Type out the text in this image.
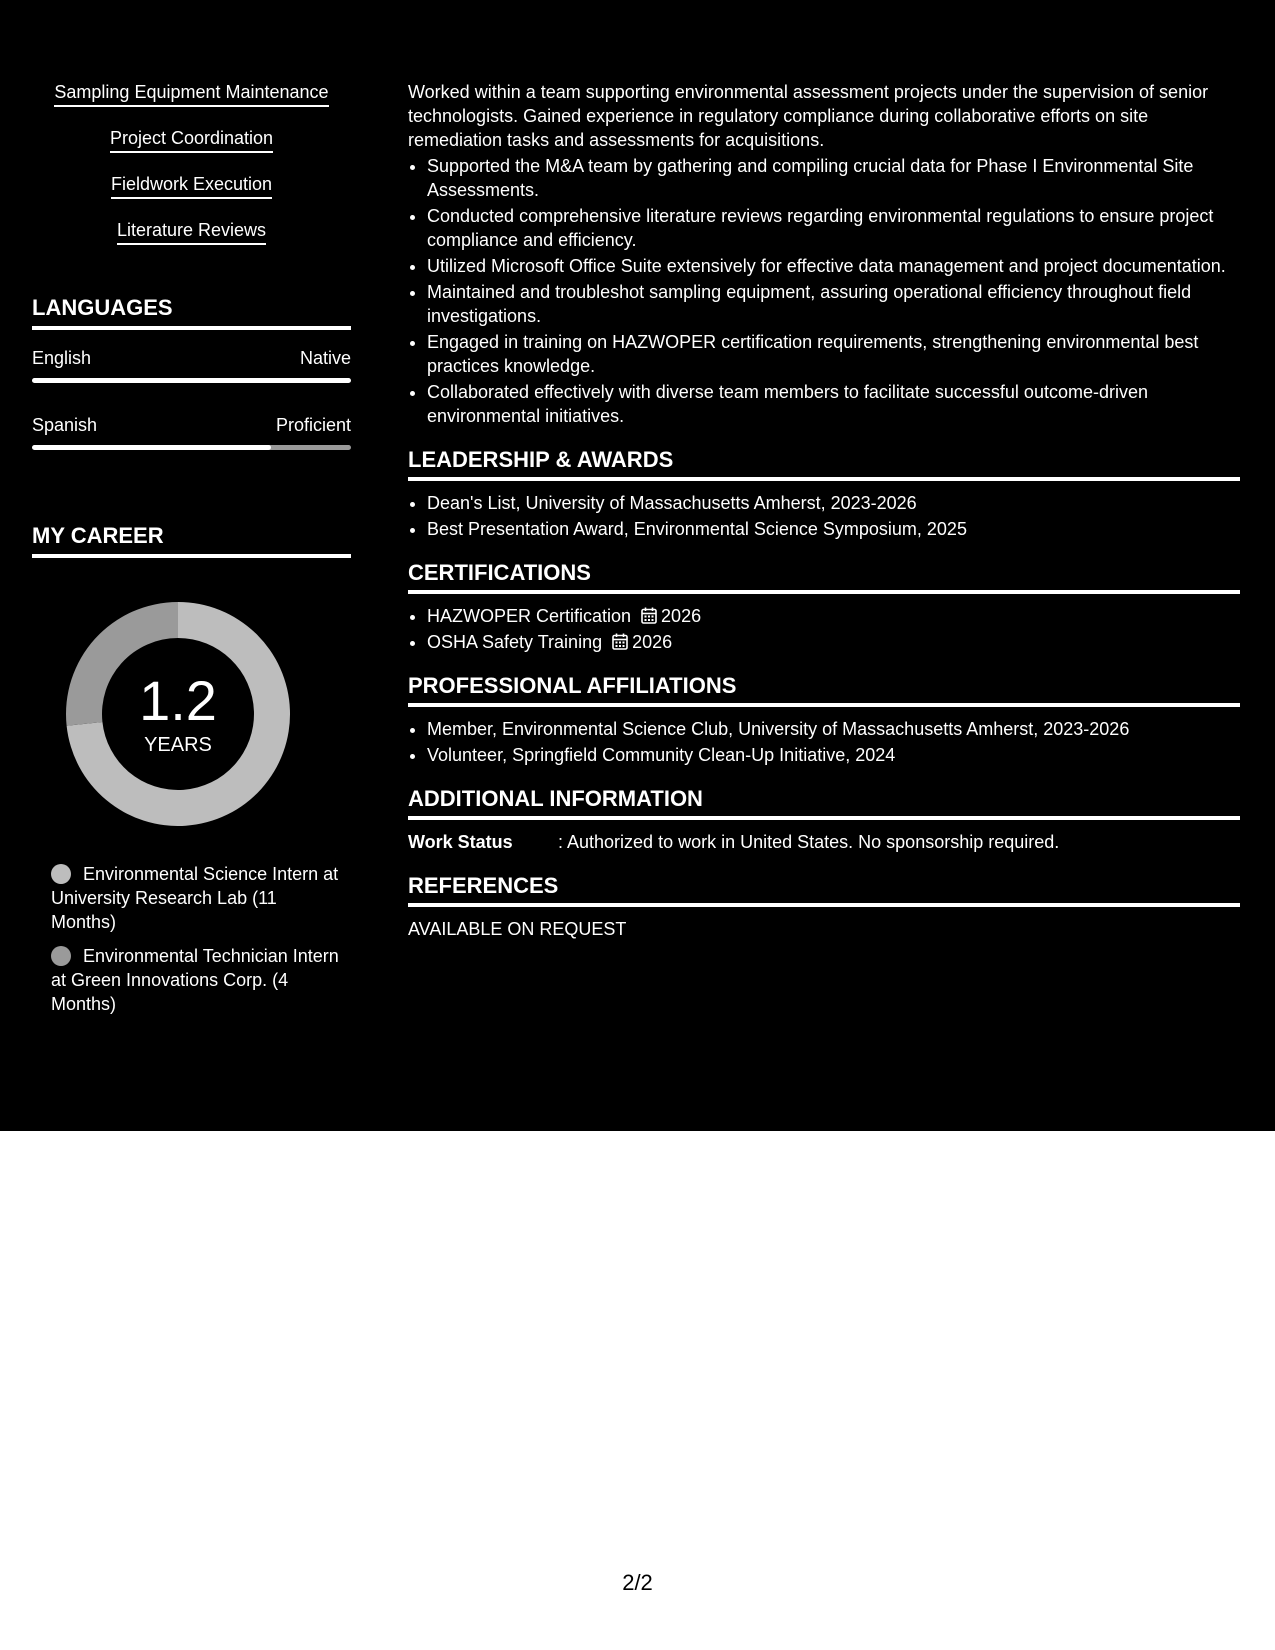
Sampling Equipment Maintenance
Project Coordination
Fieldwork Execution
Literature Reviews
LANGUAGES
English	Native
Spanish	Proficient
MY CAREER
1.2
YEARS
Environmental Science Intern at University Research Lab (11 Months)
Environmental Technician Intern at Green Innovations Corp. (4 Months)

Worked within a team supporting environmental assessment projects under the supervision of senior technologists. Gained experience in regulatory compliance during collaborative efforts on site remediation tasks and assessments for acquisitions.

• Supported the M&A team by gathering and compiling crucial data for Phase I Environmental Site Assessments.
• Conducted comprehensive literature reviews regarding environmental regulations to ensure project compliance and efficiency.
• Utilized Microsoft Office Suite extensively for effective data management and project documentation.
• Maintained and troubleshot sampling equipment, assuring operational efficiency throughout field investigations.
• Engaged in training on HAZWOPER certification requirements, strengthening environmental best practices knowledge.
• Collaborated effectively with diverse team members to facilitate successful outcome-driven environmental initiatives.
LEADERSHIP & AWARDS
• Dean's List, University of Massachusetts Amherst, 2023-2026
• Best Presentation Award, Environmental Science Symposium, 2025
CERTIFICATIONS
• HAZWOPER Certification 2026
• OSHA Safety Training 2026
PROFESSIONAL AFFILIATIONS
• Member, Environmental Science Club, University of Massachusetts Amherst, 2023-2026
• Volunteer, Springfield Community Clean-Up Initiative, 2024
ADDITIONAL INFORMATION
Work Status	: Authorized to work in United States. No sponsorship required.
REFERENCES
AVAILABLE ON REQUEST
2/2
